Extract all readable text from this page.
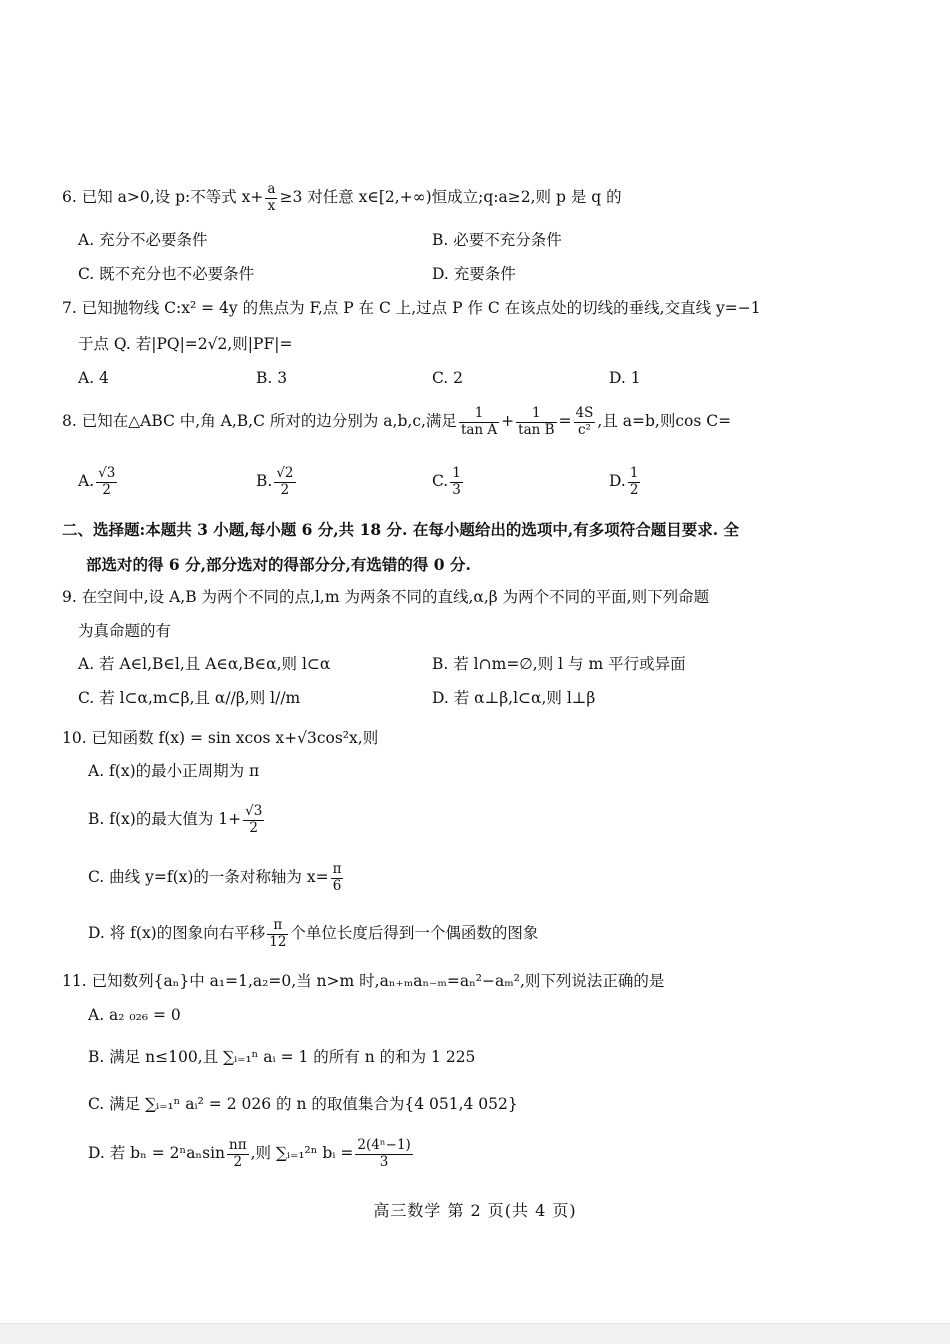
6. 已知 a>0,设 p:不等式 $x+ \frac{a}{x} \ge 3$ 对任意 x∈[2,+∞)恒成立;q:a≥2,则 p 是 q 的
A. 充分不必要条件	B. 必要不充分条件
C. 既不充分也不必要条件	D. 充要条件
7. 已知抛物线 C:x² = 4y 的焦点为 F,点 P 在 C 上,过点 P 作 C 在该点处的切线的垂线,交直线 y=−1
于点 Q. 若|PQ|=2√2,则|PF|=
A. 4	B. 3	C. 2	D. 1
8. 已知在△ABC 中,角 A,B,C 所对的边分别为 a,b,c,满足 $\frac{1}{\text{tan A}} + \frac{1}{\text{tan B}} = \frac{4S}{\text{c²}}$ ,且 a=b,则cos C=
A. $\frac{√3}{2}$	B. $\frac{√2}{2}$	C. $\frac{1}{3}$	D. $\frac{1}{2}$
二、选择题:本题共 3 小题,每小题 6 分,共 18 分. 在每小题给出的选项中,有多项符合题目要求. 全
部选对的得 6 分,部分选对的得部分分,有选错的得 0 分.
9. 在空间中,设 A,B 为两个不同的点,l,m 为两条不同的直线,α,β 为两个不同的平面,则下列命题
为真命题的有
A. 若 A∈l,B∈l,且 A∈α,B∈α,则 l⊂α	B. 若 l∩m=∅,则 l 与 m 平行或异面
C. 若 l⊂α,m⊂β,且 α//β,则 l//m	D. 若 α⊥β,l⊂α,则 l⊥β
10. 已知函数 f(x) = sin xcos x+√3cos²x,则
A. f(x)的最小正周期为 π
B. f(x)的最大值为 $1+ \frac{√3}{2}$
C. 曲线 y=f(x)的一条对称轴为 $x= \frac{\pi}{6}$
D. 将 f(x)的图象向右平移 $\frac{\pi}{12}$ 个单位长度后得到一个偶函数的图象
11. 已知数列{aₙ}中 a₁=1,a₂=0,当 n>m 时,aₙ₊ₘaₙ₋ₘ=aₙ²−aₘ²,则下列说法正确的是
A. a₂ ₀₂₆ = 0
B. 满足 n≤100,且 ∑ᵢ₌₁ⁿ aᵢ = 1 的所有 n 的和为 1 225
C. 满足 ∑ᵢ₌₁ⁿ aᵢ² = 2 026 的 n 的取值集合为{4 051,4 052}
D. 若 $b_n = 2^na_n\sin \frac{n\pi}{2}$ ,则 ∑ᵢ₌₁²ⁿ bᵢ = $\frac{\text{2(4ⁿ−1)}}{3}$
高三数学 第 2 页(共 4 页)
